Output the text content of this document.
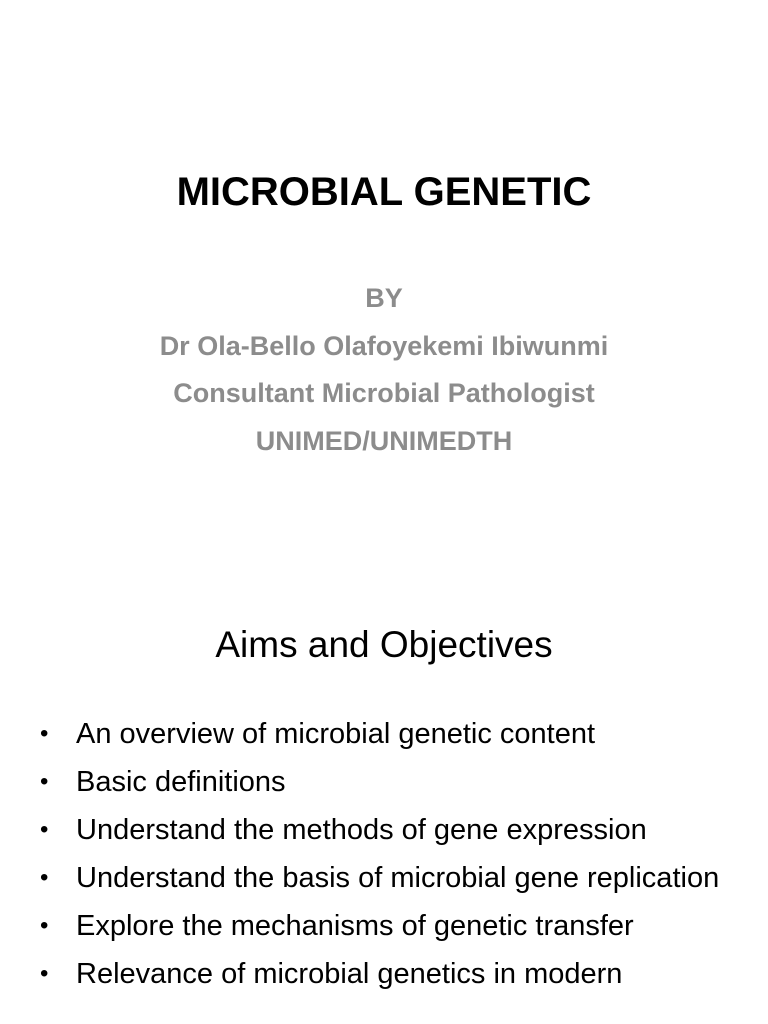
MICROBIAL GENETIC
BY
Dr Ola-Bello Olafoyekemi Ibiwunmi
Consultant Microbial Pathologist
UNIMED/UNIMEDTH
Aims and Objectives
• An overview of microbial genetic content
• Basic definitions
• Understand the methods of gene expression
• Understand the basis of microbial gene replication
• Explore the mechanisms of genetic transfer
• Relevance of microbial genetics in modern
